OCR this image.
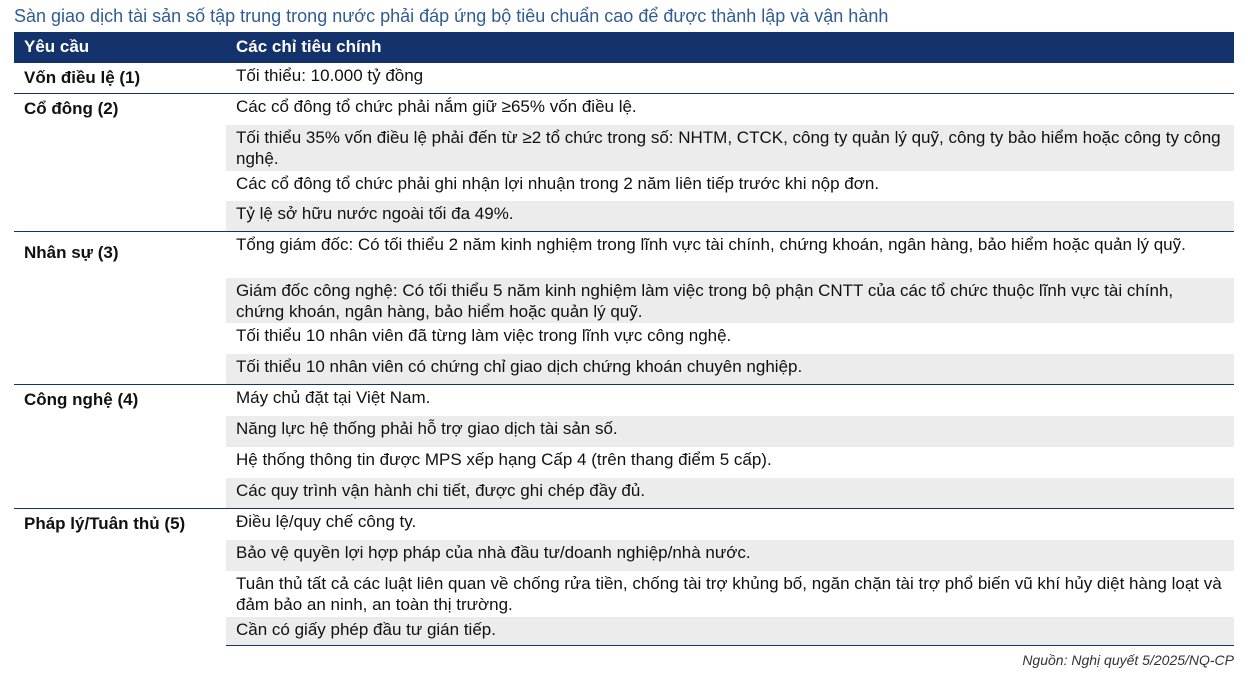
Sàn giao dịch tài sản số tập trung trong nước phải đáp ứng bộ tiêu chuẩn cao để được thành lập và vận hành
Yêu cầu	Các chỉ tiêu chính
Vốn điều lệ (1)	Tối thiểu: 10.000 tỷ đồng
Cổ đông (2)	Các cổ đông tổ chức phải nắm giữ ≥65% vốn điều lệ.
	Tối thiểu 35% vốn điều lệ phải đến từ ≥2 tổ chức trong số: NHTM, CTCK, công ty quản lý quỹ, công ty bảo hiểm hoặc công ty công nghệ.
	Các cổ đông tổ chức phải ghi nhận lợi nhuận trong 2 năm liên tiếp trước khi nộp đơn.
	Tỷ lệ sở hữu nước ngoài tối đa 49%.
Nhân sự (3)	Tổng giám đốc: Có tối thiểu 2 năm kinh nghiệm trong lĩnh vực tài chính, chứng khoán, ngân hàng, bảo hiểm hoặc quản lý quỹ.
	Giám đốc công nghệ: Có tối thiểu 5 năm kinh nghiệm làm việc trong bộ phận CNTT của các tổ chức thuộc lĩnh vực tài chính, chứng khoán, ngân hàng, bảo hiểm hoặc quản lý quỹ.
	Tối thiểu 10 nhân viên đã từng làm việc trong lĩnh vực công nghệ.
	Tối thiểu 10 nhân viên có chứng chỉ giao dịch chứng khoán chuyên nghiệp.
Công nghệ (4)	Máy chủ đặt tại Việt Nam.
	Năng lực hệ thống phải hỗ trợ giao dịch tài sản số.
	Hệ thống thông tin được MPS xếp hạng Cấp 4 (trên thang điểm 5 cấp).
	Các quy trình vận hành chi tiết, được ghi chép đầy đủ.
Pháp lý/Tuân thủ (5)	Điều lệ/quy chế công ty.
	Bảo vệ quyền lợi hợp pháp của nhà đầu tư/doanh nghiệp/nhà nước.
	Tuân thủ tất cả các luật liên quan về chống rửa tiền, chống tài trợ khủng bố, ngăn chặn tài trợ phổ biến vũ khí hủy diệt hàng loạt và đảm bảo an ninh, an toàn thị trường.
	Cần có giấy phép đầu tư gián tiếp.
Nguồn: Nghị quyết 5/2025/NQ-CP
